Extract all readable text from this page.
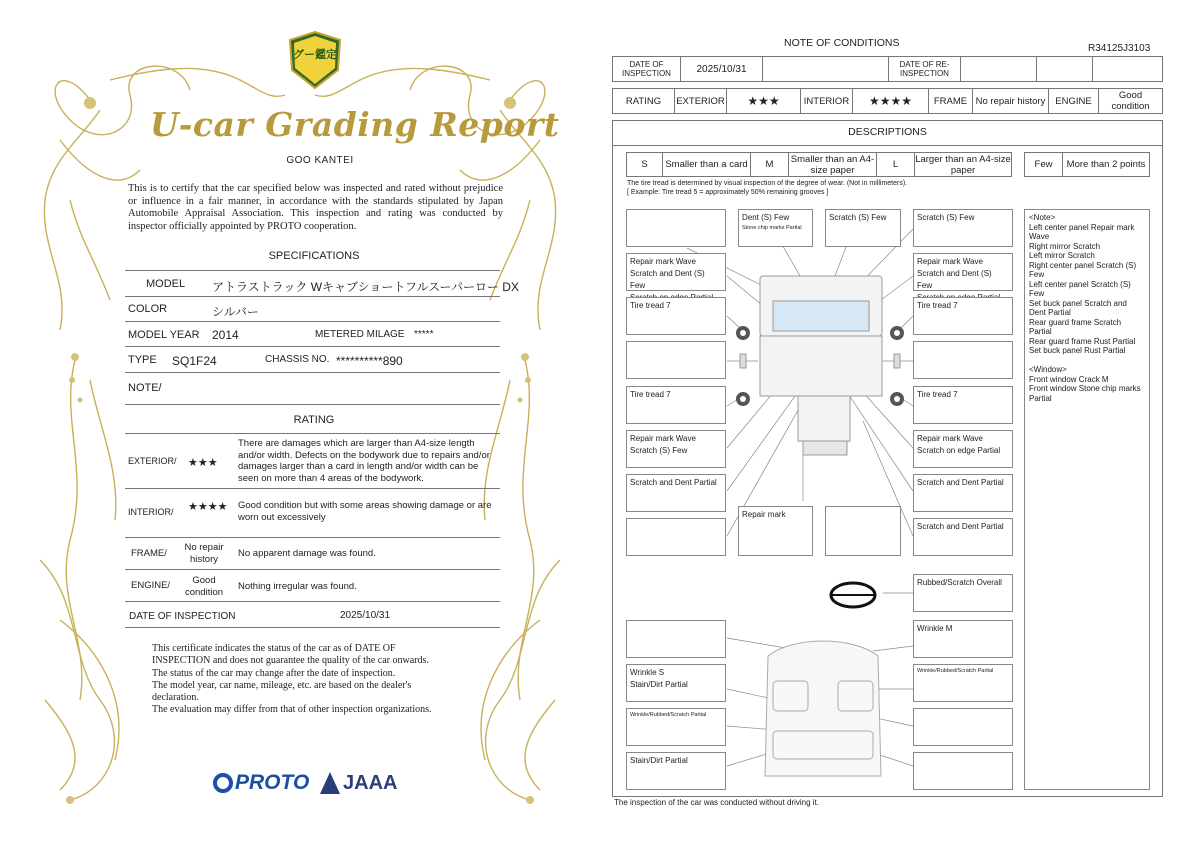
グー鑑定
U-car Grading Report
GOO KANTEI
This is to certify that the car specified below was inspected and rated without prejudice or influence in a fair manner, in accordance with the standards stipulated by Japan Automobile Appraisal Association. This inspection and rating was conducted by inspector officially appointed by PROTO cooperation.
SPECIFICATIONS
MODEL アトラストラック Wキャブショートフルスーパーロー DX
COLOR	シルバー
MODEL YEAR 2014	METERED MILAGE *****
TYPE SQ1F24	CHASSIS NO. **********890
NOTE/
RATING
EXTERIOR/ ★★★
There are damages which are larger than A4-size length and/or width. Defects on the bodywork due to repairs and/or damages larger than a card in length and/or width can be seen on more than 4 areas of the bodywork.
INTERIOR/ ★★★★ Good condition but with some areas showing damage or are worn out excessively
FRAME/
No repair history	No apparent damage was found.
ENGINE/	Good condition	Nothing irregular was found.
DATE OF INSPECTION	2025/10/31
This certificate indicates the status of the car as of DATE OF
INSPECTION and does not guarantee the quality of the car onwards.
The status of the car may change after the date of inspection.
The model year, car name, mileage, etc. are based on the dealer's
declaration.
The evaluation may differ from that of other inspection organizations.
PROTO JAAA
NOTE OF CONDITIONS	R34125J3103
DATE OF INSPECTION	2025/10/31	DATE OF RE-INSPECTION
RATING	EXTERIOR	★★★	INTERIOR	★★★★	FRAME No repair history	ENGINE	Good condition
DESCRIPTIONS
S	Smaller than a card	M	Smaller than an A4-size paper	L	Larger than an A4-size paper	Few	More than 2 points
The tire tread is determined by visual inspection of the degree of wear. (Not in millimeters).
[ Example: Tire tread 5 = approximately 50% remaining grooves ]
Dent (S) Few
Stone chip marks Partial
Scratch (S) Few	Scratch (S) Few
Repair mark Wave
Scratch and Dent (S) Few

Repair mark Wave
Scratch and Dent (S) Few

Tire tread 7	Tire tread 7
Tire tread 7	Tire tread 7
Repair mark Wave
Scratch (S) Few
Repair mark Wave
Scratch on edge Partial
Scratch and Dent Partial	Scratch and Dent Partial
Repair mark
Scratch and Dent Partial
Rubbed/Scratch Overall
Wrinkle M
Wrinkle S
Stain/Dirt Partial
Wrinkle/Rubbed/Scratch Partial
Wrinkle/Rubbed/Scratch Partial
Stain/Dirt Partial
<Note>
Left center panel Repair mark Wave
Right mirror Scratch
Left mirror Scratch
Right center panel Scratch (S) Few
Left center panel Scratch (S) Few
Set buck panel Scratch and Dent Partial
Rear guard frame Scratch Partial
Rear guard frame Rust Partial
Set buck panel Rust Partial
<Window>
Front window Crack M
Front window Stone chip marks Partial
The inspection of the car was conducted without driving it.
